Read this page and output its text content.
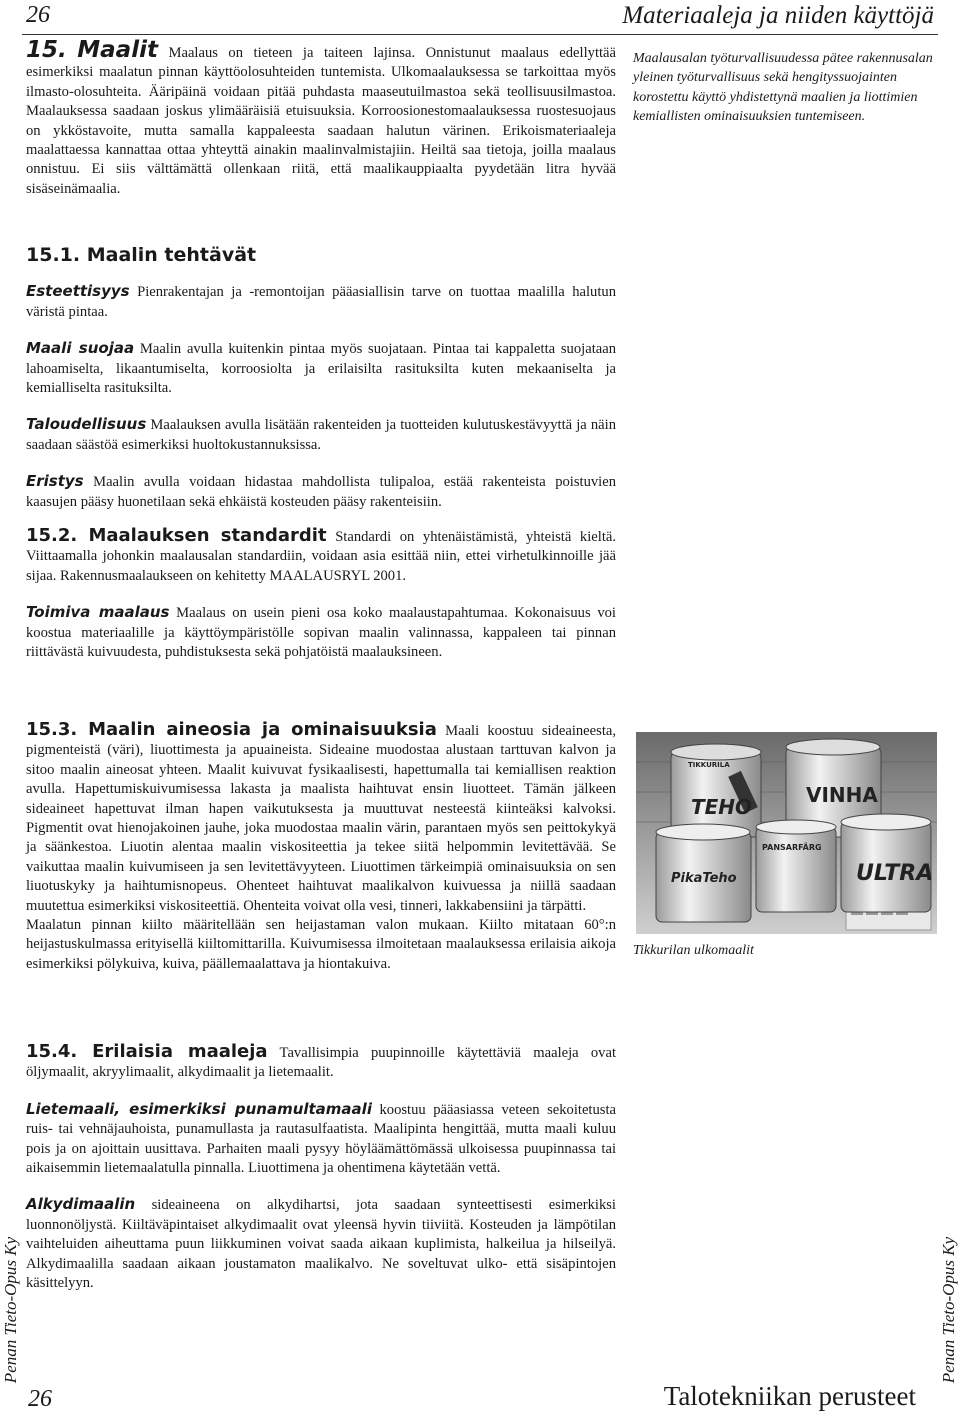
26	Materiaaleja ja niiden käyttöjä

15. Maalit Maalaus on tieteen ja taiteen lajinsa. Onnistunut maalaus edellyttää esimerkiksi maalatun pinnan käyttöolosuhteiden tuntemista. Ulkomaalauksessa se tarkoittaa myös ilmasto-olosuhteita. Ääripäinä voidaan pitää puhdasta maaseutuilmastoa sekä teollisuusilmastoa. Maalauksessa saadaan joskus ylimääräisiä etuisuuksia. Korroosionestomaalauksessa ruostesuojaus on ykköstavoite, mutta samalla kappaleesta saadaan halutun värinen. Erikoismateriaaleja maalattaessa kannattaa ottaa yhteyttä ainakin maalinvalmistajiin. Heiltä saa tietoja, joilla maalaus onnistuu. Ei siis välttämättä ollenkaan riitä, että maalikauppiaalta pyydetään litra hyvää sisäseinämaalia.

Maalausalan työturvallisuudessa pätee rakennusalan yleinen työturvallisuus sekä hengityssuojainten korostettu käyttö yhdistettynä maalien ja liottimien kemiallisten ominaisuuksien tuntemiseen.
15.1. Maalin tehtävät

Esteettisyys Pienrakentajan ja -remontoijan pääasiallisin tarve on tuottaa maalilla halutun väristä pintaa.

Maali suojaa Maalin avulla kuitenkin pintaa myös suojataan. Pintaa tai kappaletta suojataan lahoamiselta, likaantumiselta, korroosiolta ja erilaisilta rasituksilta kuten mekaaniselta ja kemialliselta rasituksilta.

Taloudellisuus Maalauksen avulla lisätään rakenteiden ja tuotteiden kulutuskestävyyttä ja näin saadaan säästöä esimerkiksi huoltokustannuksissa.

Eristys Maalin avulla voidaan hidastaa mahdollista tulipaloa, estää rakenteista poistuvien kaasujen pääsy huonetilaan sekä ehkäistä kosteuden pääsy rakenteisiin.

15.2. Maalauksen standardit Standardi on yhtenäistämistä, yhteistä kieltä. Viittaamalla johonkin maalausalan standardiin, voidaan asia esittää niin, ettei virhetulkinnoille jää sijaa. Rakennusmaalaukseen on kehitetty MAALAUSRYL 2001.

Toimiva maalaus Maalaus on usein pieni osa koko maalaustapahtumaa. Kokonaisuus voi koostua materiaalille ja käyttöympäristölle sopivan maalin valinnassa, kappaleen tai pinnan riittävästä kuivuudesta, puhdistuksesta sekä pohjatöistä maalauksineen.

15.3. Maalin aineosia ja ominaisuuksia Maali koostuu sideaineesta, pigmenteistä (väri), liuottimesta ja apuaineista. Sideaine muodostaa alustaan tarttuvan kalvon ja sitoo maalin aineosat yhteen. Maalit kuivuvat fysikaalisesti, hapettumalla tai kemiallisen reaktion avulla. Hapettumiskuivumisessa lakasta ja maalista haihtuvat ensin liuotteet. Tämän jälkeen sideaineet hapettuvat ilman hapen vaikutuksesta ja muuttuvat nesteestä kiinteäksi kalvoksi. Pigmentit ovat hienojakoinen jauhe, joka muodostaa maalin värin, parantaen myös sen peittokykyä ja säänkestoa. Liuotin alentaa maalin viskositeettia ja tekee siitä helpommin levitettävää. Se vaikuttaa maalin kuivumiseen ja sen levitettävyyteen. Liuottimen tärkeimpiä ominaisuuksia on sen liuotuskyky ja haihtumisnopeus. Ohenteet haihtuvat maalikalvon kuivuessa ja niillä saadaan muutettua esimerkiksi viskositeettiä. Ohenteita voivat olla vesi, tinneri, lakkabensiini ja tärpätti.

Maalatun pinnan kiilto määritellään sen heijastaman valon mukaan. Kiilto mitataan 60°:n heijastuskulmassa erityisellä kiiltomittarilla. Kuivumisessa ilmoitetaan maalauksessa erilaisia aikoja esimerkiksi pölykuiva, kuiva, päällemaalattava ja hiontakuiva.

TEHO	VINHA
PikaTeho
PANSARFÄRG
ULTRA
TIKKURILA
Tikkurilan ulkomaalit

15.4. Erilaisia maaleja Tavallisimpia puupinnoille käytettäviä maaleja ovat öljymaalit, akryylimaalit, alkydimaalit ja lietemaalit.

Lietemaali, esimerkiksi punamultamaali koostuu pääasiassa veteen sekoitetusta ruis- tai vehnäjauhoista, punamullasta ja rautasulfaatista. Maalipinta hengittää, mutta maali kuluu pois ja on ajoittain uusittava. Parhaiten maali pysyy höyläämättömässä ulkoisessa puupinnassa tai aikaisemmin lietemaalatulla pinnalla. Liuottimena ja ohentimena käytetään vettä.

Alkydimaalin sideaineena on alkydihartsi, jota saadaan synteettisesti esimerkiksi luonnonöljystä. Kiiltäväpintaiset alkydimaalit ovat yleensä hyvin tiiviitä. Kosteuden ja lämpötilan vaihteluiden aiheuttama puun liikkuminen voivat saada aikaan kuplimista, halkeilua ja hilseilyä. Alkydimaalilla saadaan aikaan joustamaton maalikalvo. Ne soveltuvat ulko- että sisäpintojen käsittelyyn.

Penan Tieto-Opus Ky	Penan Tieto-Opus Ky
26	Talotekniikan perusteet
